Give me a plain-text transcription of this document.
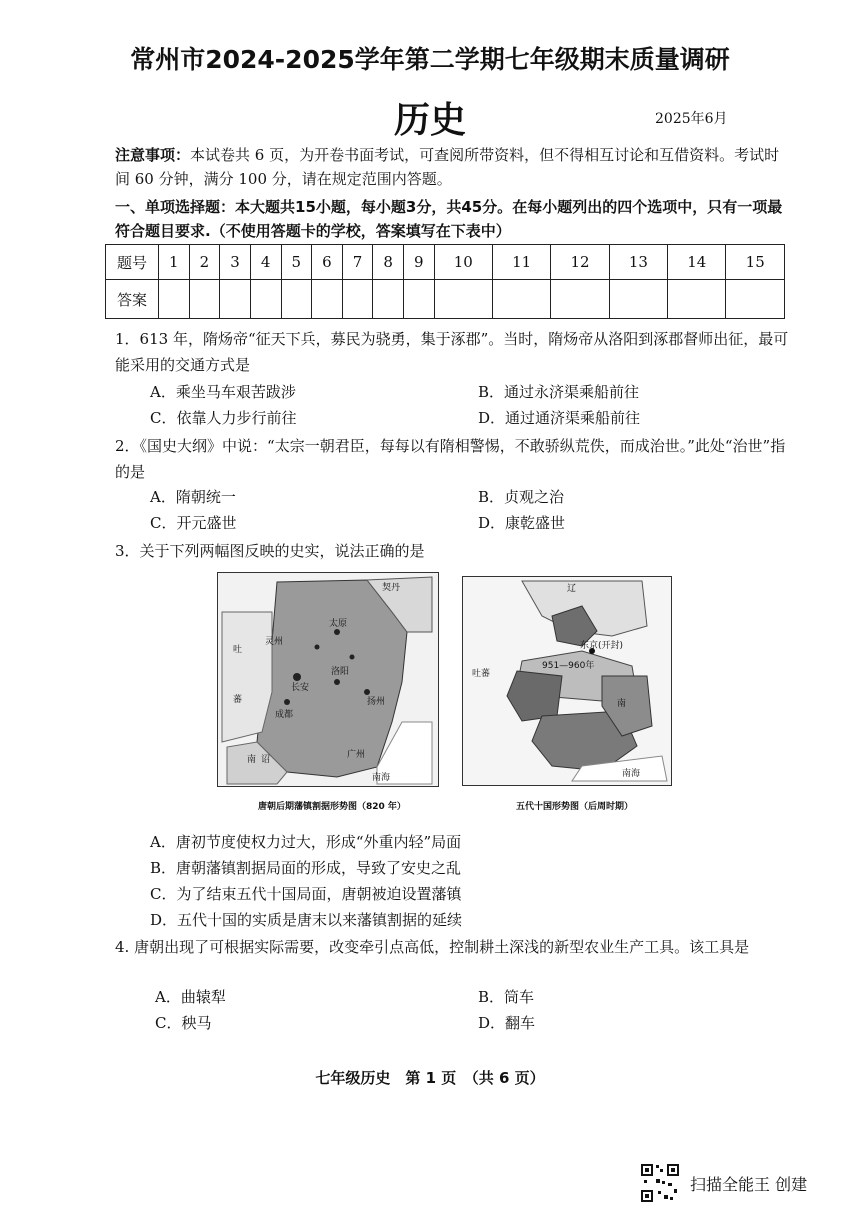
常州市2024-2025学年第二学期七年级期末质量调研
历史	2025年6月
注意事项：本试卷共 6 页，为开卷书面考试，可查阅所带资料，但不得相互讨论和互借资料。考试时间 60 分钟，满分 100 分，请在规定范围内答题。
一、单项选择题：本大题共15小题，每小题3分，共45分。在每小题列出的四个选项中，只有一项最符合题目要求.（不使用答题卡的学校，答案填写在下表中）
题号	1	2	3	4	5	6	7	8	9	10	11	12	13	14	15
答案															
1．613 年，隋炀帝“征天下兵，募民为骁勇，集于涿郡”。当时，隋炀帝从洛阳到涿郡督师出征，最可能采用的交通方式是
A．乘坐马车艰苦跋涉	B．通过永济渠乘船前往
C．依靠人力步行前往	D．通过通济渠乘船前往
2．《国史大纲》中说：“太宗一朝君臣，每每以有隋相警惕，不敢骄纵荒佚，而成治世。”此处“治世”指的是
A．隋朝统一	B．贞观之治
C．开元盛世	D．康乾盛世
3．关于下列两幅图反映的史实，说法正确的是
契丹
太原
吐
蕃
灵州
长安
洛阳
成都
南 诏	广州
南海
扬州
辽
东京(开封)
951—960年
吐蕃
南
南海
唐朝后期藩镇割据形势图（820 年）	五代十国形势图（后周时期）
A．唐初节度使权力过大，形成“外重内轻”局面
B．唐朝藩镇割据局面的形成，导致了安史之乱
C．为了结束五代十国局面，唐朝被迫设置藩镇
D．五代十国的实质是唐末以来藩镇割据的延续
4. 唐朝出现了可根据实际需要，改变牵引点高低，控制耕土深浅的新型农业生产工具。该工具是
A．曲辕犁	B．筒车
C．秧马	D．翻车
七年级历史　第 1 页　（共 6 页）
扫描全能王 创建
